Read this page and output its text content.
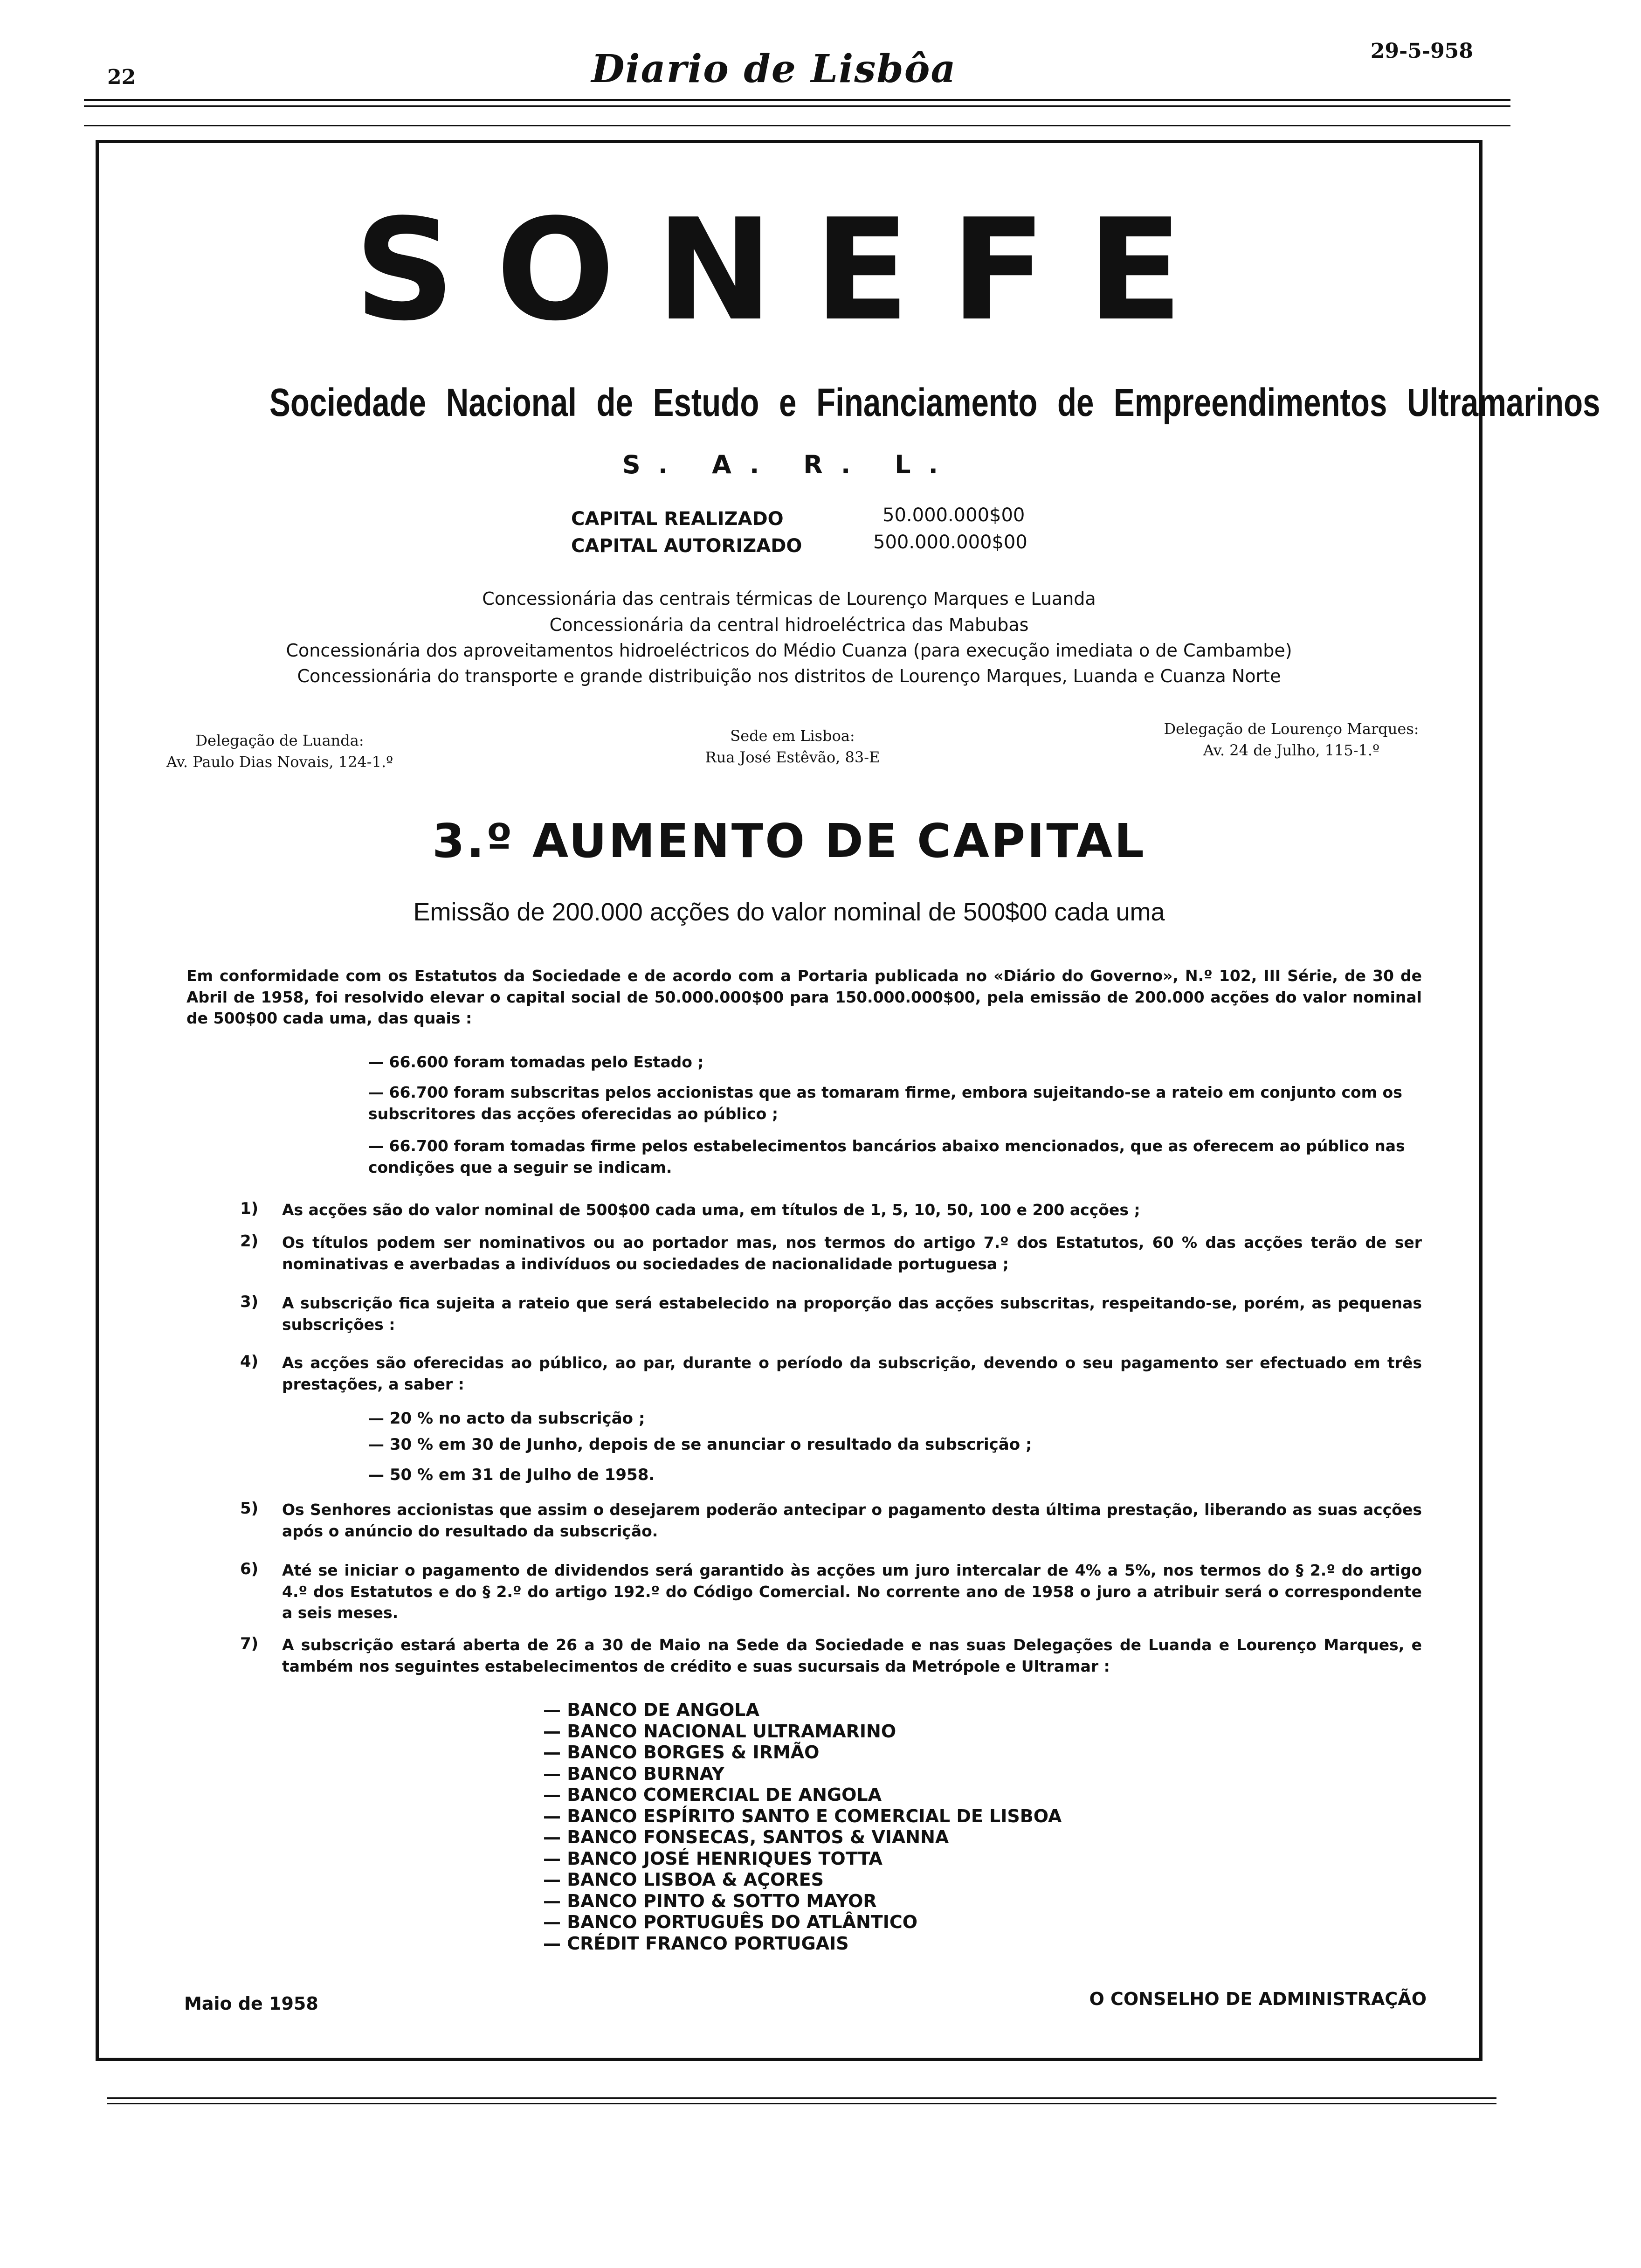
22	Diario de Lisbôa	29-5-958
SONEFE
Sociedade Nacional de Estudo e Financiamento de Empreendimentos Ultramarinos
S. A. R. L.
CAPITAL REALIZADO	50.000.000$00
CAPITAL AUTORIZADO	500.000.000$00
Concessionária das centrais térmicas de Lourenço Marques e Luanda
Concessionária da central hidroeléctrica das Mabubas
Concessionária dos aproveitamentos hidroeléctricos do Médio Cuanza (para execução imediata o de Cambambe)
Concessionária do transporte e grande distribuição nos distritos de Lourenço Marques, Luanda e Cuanza Norte
Delegação de Luanda:
Av. Paulo Dias Novais, 124-1.º
Sede em Lisboa:
Rua José Estêvão, 83-E
Delegação de Lourenço Marques:
Av. 24 de Julho, 115-1.º
3.º AUMENTO DE CAPITAL
Emissão de 200.000 acções do valor nominal de 500$00 cada uma
Em conformidade com os Estatutos da Sociedade e de acordo com a Portaria publicada no «Diário do Governo», N.º 102, III Série, de 30 de Abril de 1958, foi resolvido elevar o capital social de 50.000.000$00 para 150.000.000$00, pela emissão de 200.000 acções do valor nominal de 500$00 cada uma, das quais :
— 66.600 foram tomadas pelo Estado ;
— 66.700 foram subscritas pelos accionistas que as tomaram firme, embora sujeitando-se a rateio em conjunto com os subscritores das acções oferecidas ao público ;
— 66.700 foram tomadas firme pelos estabelecimentos bancários abaixo mencionados, que as oferecem ao público nas condições que a seguir se indicam.
1)	As acções são do valor nominal de 500$00 cada uma, em títulos de 1, 5, 10, 50, 100 e 200 acções ;
2)	Os títulos podem ser nominativos ou ao portador mas, nos termos do artigo 7.º dos Estatutos, 60 % das acções terão de ser nominativas e averbadas a indivíduos ou sociedades de nacionalidade portuguesa ;
3)	A subscrição fica sujeita a rateio que será estabelecido na proporção das acções subscritas, respeitando-se, porém, as pequenas subscrições :
4)	As acções são oferecidas ao público, ao par, durante o período da subscrição, devendo o seu pagamento ser efectuado em três prestações, a saber :
— 20 % no acto da subscrição ;
— 30 % em 30 de Junho, depois de se anunciar o resultado da subscrição ;
— 50 % em 31 de Julho de 1958.
5)	Os Senhores accionistas que assim o desejarem poderão antecipar o pagamento desta última prestação, liberando as suas acções após o anúncio do resultado da subscrição.
6)	Até se iniciar o pagamento de dividendos será garantido às acções um juro intercalar de 4% a 5%, nos termos do § 2.º do artigo 4.º dos Estatutos e do § 2.º do artigo 192.º do Código Comercial. No corrente ano de 1958 o juro a atribuir será o correspondente a seis meses.
7)	A subscrição estará aberta de 26 a 30 de Maio na Sede da Sociedade e nas suas Delegações de Luanda e Lourenço Marques, e também nos seguintes estabelecimentos de crédito e suas sucursais da Metrópole e Ultramar :
— BANCO DE ANGOLA
— BANCO NACIONAL ULTRAMARINO
— BANCO BORGES & IRMÃO
— BANCO BURNAY
— BANCO COMERCIAL DE ANGOLA
— BANCO ESPÍRITO SANTO E COMERCIAL DE LISBOA
— BANCO FONSECAS, SANTOS & VIANNA
— BANCO JOSÉ HENRIQUES TOTTA
— BANCO LISBOA & AÇORES
— BANCO PINTO & SOTTO MAYOR
— BANCO PORTUGUÊS DO ATLÂNTICO
— CRÉDIT FRANCO PORTUGAIS
Maio de 1958	O CONSELHO DE ADMINISTRAÇÃO
